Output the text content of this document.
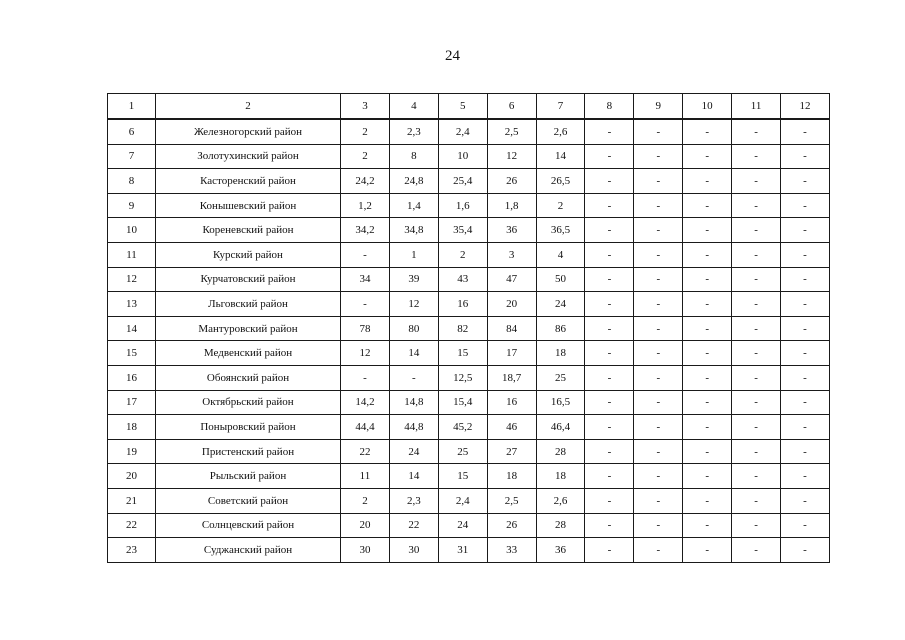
24
1	2	3	4	5	6	7	8	9	10	11	12
6	Железногорский район	2	2,3	2,4	2,5	2,6	-	-	-	-	-
7	Золотухинский район	2	8	10	12	14	-	-	-	-	-
8	Касторенский район	24,2	24,8	25,4	26	26,5	-	-	-	-	-
9	Конышевский район	1,2	1,4	1,6	1,8	2	-	-	-	-	-
10	Кореневский район	34,2	34,8	35,4	36	36,5	-	-	-	-	-
11	Курский район	-	1	2	3	4	-	-	-	-	-
12	Курчатовский район	34	39	43	47	50	-	-	-	-	-
13	Льговский район	-	12	16	20	24	-	-	-	-	-
14	Мантуровский район	78	80	82	84	86	-	-	-	-	-
15	Медвенский район	12	14	15	17	18	-	-	-	-	-
16	Обоянский район	-	-	12,5	18,7	25	-	-	-	-	-
17	Октябрьский район	14,2	14,8	15,4	16	16,5	-	-	-	-	-
18	Поныровский район	44,4	44,8	45,2	46	46,4	-	-	-	-	-
19	Пристенский район	22	24	25	27	28	-	-	-	-	-
20	Рыльский район	11	14	15	18	18	-	-	-	-	-
21	Советский район	2	2,3	2,4	2,5	2,6	-	-	-	-	-
22	Солнцевский район	20	22	24	26	28	-	-	-	-	-
23	Суджанский район	30	30	31	33	36	-	-	-	-	-
